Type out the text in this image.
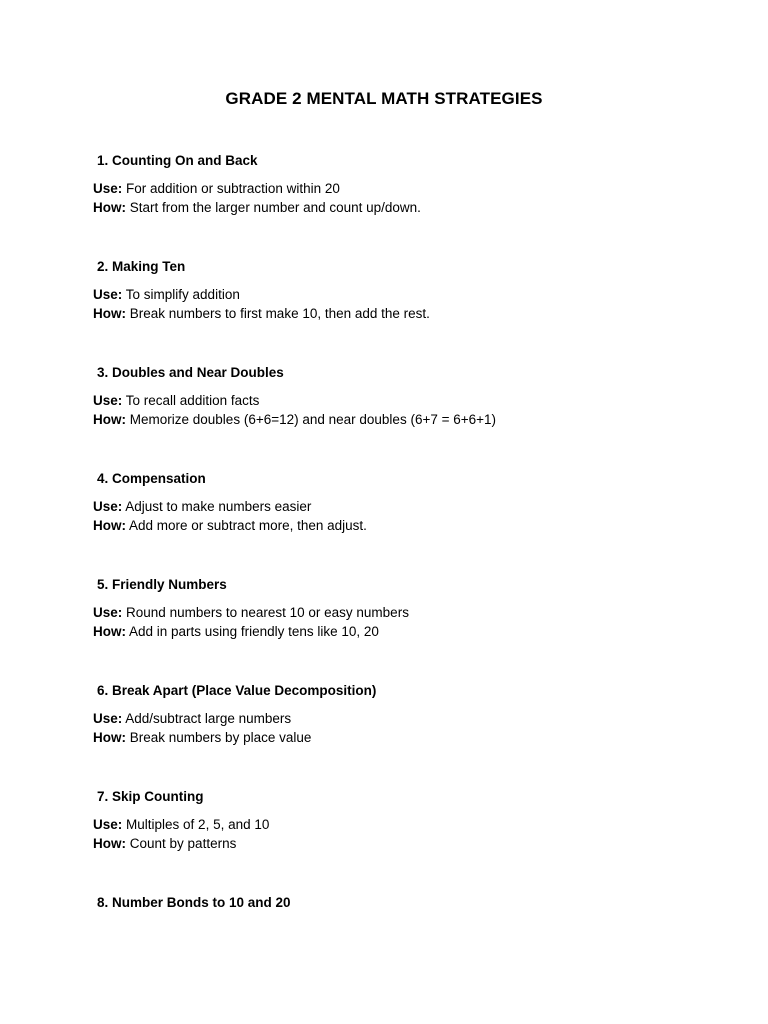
GRADE 2 MENTAL MATH STRATEGIES
1. Counting On and Back
Use: For addition or subtraction within 20
How: Start from the larger number and count up/down.
2. Making Ten
Use: To simplify addition
How: Break numbers to first make 10, then add the rest.
3. Doubles and Near Doubles
Use: To recall addition facts
How: Memorize doubles (6+6=12) and near doubles (6+7 = 6+6+1)
4. Compensation
Use: Adjust to make numbers easier
How: Add more or subtract more, then adjust.
5. Friendly Numbers
Use: Round numbers to nearest 10 or easy numbers
How: Add in parts using friendly tens like 10, 20
6. Break Apart (Place Value Decomposition)
Use: Add/subtract large numbers
How: Break numbers by place value
7. Skip Counting
Use: Multiples of 2, 5, and 10
How: Count by patterns
8. Number Bonds to 10 and 20
